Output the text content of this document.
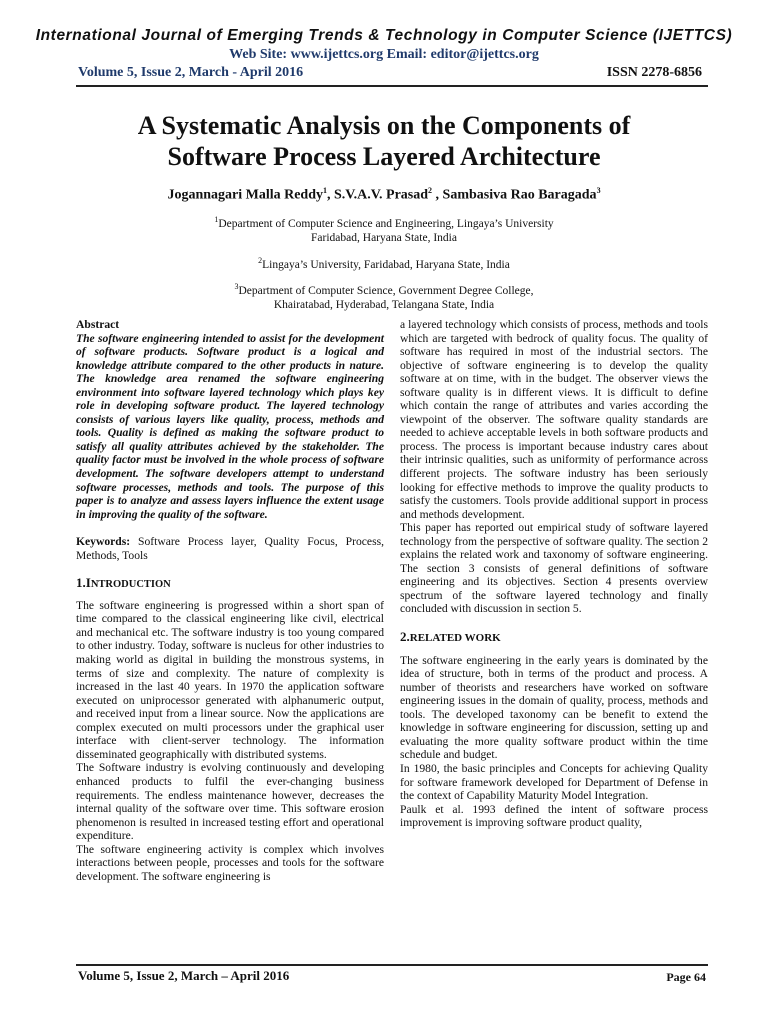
International Journal of Emerging Trends & Technology in Computer Science (IJETTCS)
Web Site: www.ijettcs.org Email: editor@ijettcs.org
Volume 5, Issue 2, March - April 2016	ISSN 2278-6856
A Systematic Analysis on the Components of
Software Process Layered Architecture
Jogannagari Malla Reddy$^1$, S.V.A.V. Prasad$^2$ , Sambasiva Rao Baragada$^3$
$^1$Department of Computer Science and Engineering, Lingaya’s University
Faridabad, Haryana State, India
$^2$Lingaya’s University, Faridabad, Haryana State, India
$^3$Department of Computer Science, Government Degree College,
Khairatabad, Hyderabad, Telangana State, India

Abstract

The software engineering intended to assist for the development of software products. Software product is a logical and knowledge attribute compared to the other products in nature. The knowledge area renamed the software engineering environment into software layered technology which plays key role in developing software product. The layered technology consists of various layers like quality, process, methods and tools. Quality is defined as making the software product to satisfy all quality attributes achieved by the stakeholder. The quality factor must be involved in the whole process of software development. The software developers attempt to understand software processes, methods and tools. The purpose of this paper is to analyze and assess layers influence the extent usage in improving the quality of the software.

Keywords: Software Process layer, Quality Focus, Process, Methods, Tools

1.INTRODUCTION

The software engineering is progressed within a short span of time compared to the classical engineering like civil, electrical and mechanical etc. The software industry is too young compared to other industry. Today, software is nucleus for other industries to making world as digital in building the monstrous systems, in terms of size and complexity. The nature of complexity is increased in the last 40 years. In 1970 the application software executed on uniprocessor generated with alphanumeric output, and received input from a linear source. Now the applications are complex executed on multi processors under the graphical user interface with client-server technology. The information disseminated geographically with distributed systems.

The Software industry is evolving continuously and developing enhanced products to fulfil the ever-changing business requirements. The endless maintenance however, decreases the internal quality of the software over time. This software erosion phenomenon is resulted in increased testing effort and operational expenditure.

The software engineering activity is complex which involves interactions between people, processes and tools for the software development. The software engineering is

a layered technology which consists of process, methods and tools which are targeted with bedrock of quality focus. The quality of software has required in most of the industrial sectors. The objective of software engineering is to develop the quality software at on time, with in the budget. The observer views the software quality is in different views. It is difficult to define which contain the range of attributes and varies according the viewpoint of the observer. The software quality standards are needed to achieve acceptable levels in both software products and process. The process is important because industry cares about their intrinsic qualities, such as uniformity of performance across different projects. The software industry has been seriously looking for effective methods to improve the quality products to satisfy the customers. Tools provide additional support in process and methods development.

This paper has reported out empirical study of software layered technology from the perspective of software quality. The section 2 explains the related work and taxonomy of software engineering. The section 3 consists of general definitions of software engineering and its objectives. Section 4 presents overview spectrum of the software layered technology and finally concluded with discussion in section 5.

2.RELATED WORK

The software engineering in the early years is dominated by the idea of structure, both in terms of the product and process. A number of theorists and researchers have worked on software engineering issues in the domain of quality, process, methods and tools. The developed taxonomy can be benefit to extend the knowledge in software engineering for discussion, setting up and evaluating the more quality software product within the time schedule and budget.

In 1980, the basic principles and Concepts for achieving Quality for software framework developed for Department of Defense in the context of Capability Maturity Model Integration.

Paulk et al. 1993 defined the intent of software process improvement is improving software product quality,

Volume 5, Issue 2, March – April 2016	Page 64
